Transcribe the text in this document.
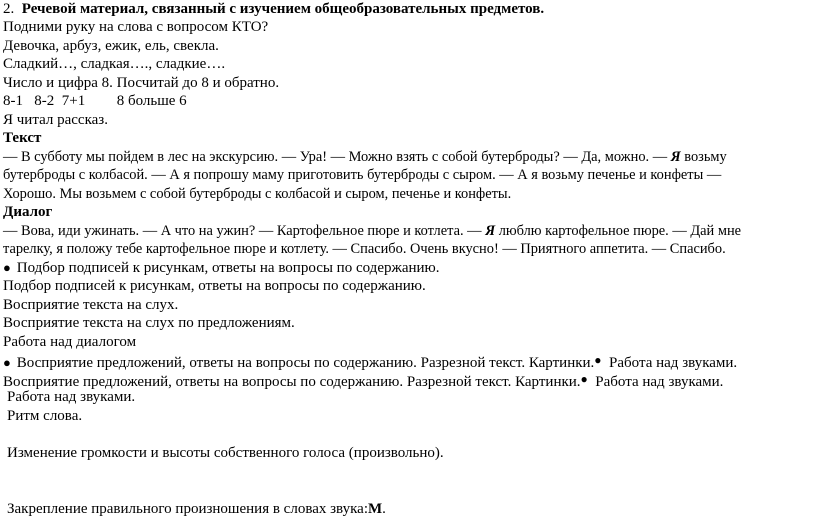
2. Речевой материал, связанный с изучением общеобразовательных предметов.
Подними руку на слова с вопросом КТО?
Девочка, арбуз, ежик, ель, свекла.
Сладкий…, сладкая…., сладкие….
Число и цифра 8. Посчитай до 8 и обратно.
8-1 8-2 7+1 8 больше 6
Я читал рассказ.
Текст
— В субботу мы пойдем в лес на экскурсию. — Ура! — Можно взять с собой бутерброды? — Да, можно. — Я возьму
бутерброды с колбасой. — А я попрошу маму приготовить бутерброды с сыром. — А я возьму печенье и конфеты —
Хорошо. Мы возьмем с собой бутерброды с колбасой и сыром, печенье и конфеты.
Диалог
— Вова, иди ужинать. — А что на ужин? — Картофельное пюре и котлета. — Я люблю картофельное пюре. — Дай мне
тарелку, я положу тебе картофельное пюре и котлету. — Спасибо. Очень вкусно! — Приятного аппетита. — Спасибо.
● Подбор подписей к рисункам, ответы на вопросы по содержанию.
Подбор подписей к рисункам, ответы на вопросы по содержанию.
Восприятие текста на слух.
Восприятие текста на слух по предложениям.
Работа над диалогом
● Восприятие предложений, ответы на вопросы по содержанию. Разрезной текст. Картинки.● Работа над звуками.
Восприятие предложений, ответы на вопросы по содержанию. Разрезной текст. Картинки.● Работа над звуками.
Работа над звуками.
Ритм слова.
Изменение громкости и высоты собственного голоса (произвольно).
Закрепление правильного произношения в словах звука:М.
